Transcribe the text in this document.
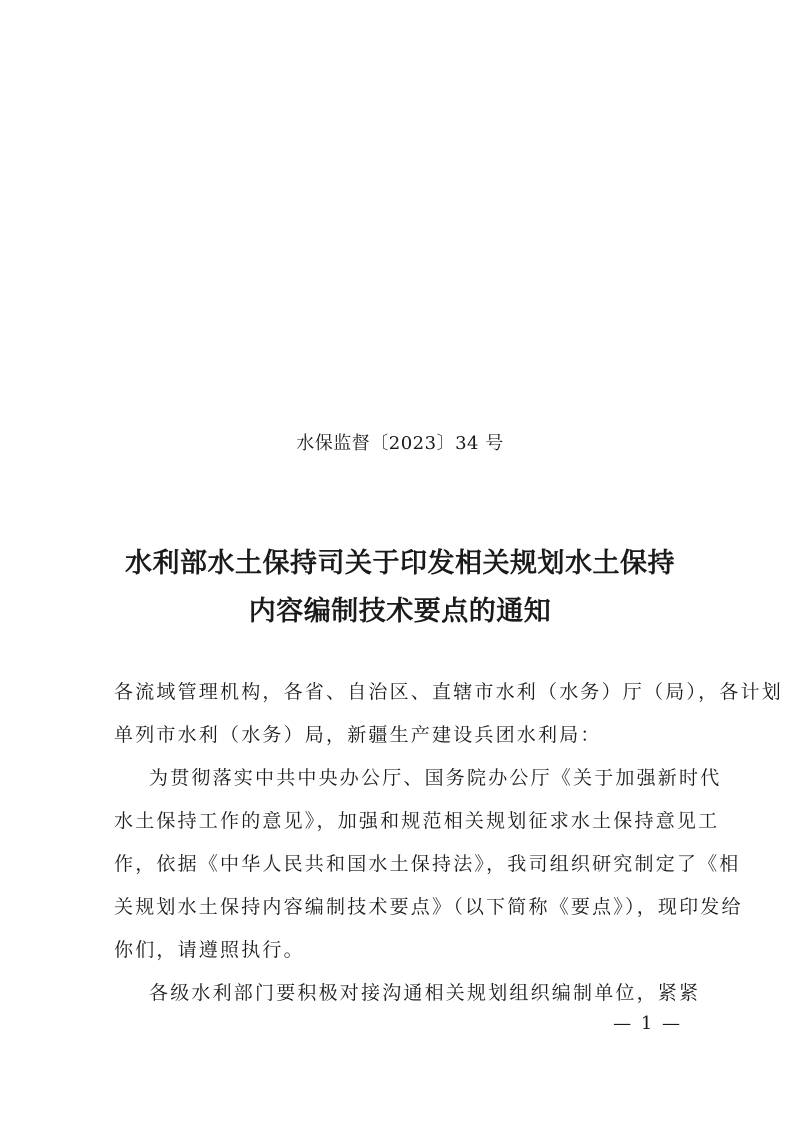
水保监督〔2023〕34 号
水利部水土保持司关于印发相关规划水土保持
内容编制技术要点的通知
各流域管理机构，各省、自治区、直辖市水利（水务）厅（局），各计划
单列市水利（水务）局，新疆生产建设兵团水利局：
为贯彻落实中共中央办公厅、国务院办公厅《关于加强新时代
水土保持工作的意见》，加强和规范相关规划征求水土保持意见工
作，依据《中华人民共和国水土保持法》，我司组织研究制定了《相
关规划水土保持内容编制技术要点》（以下简称《要点》），现印发给
你们，请遵照执行。
各级水利部门要积极对接沟通相关规划组织编制单位，紧紧
— 1 —
